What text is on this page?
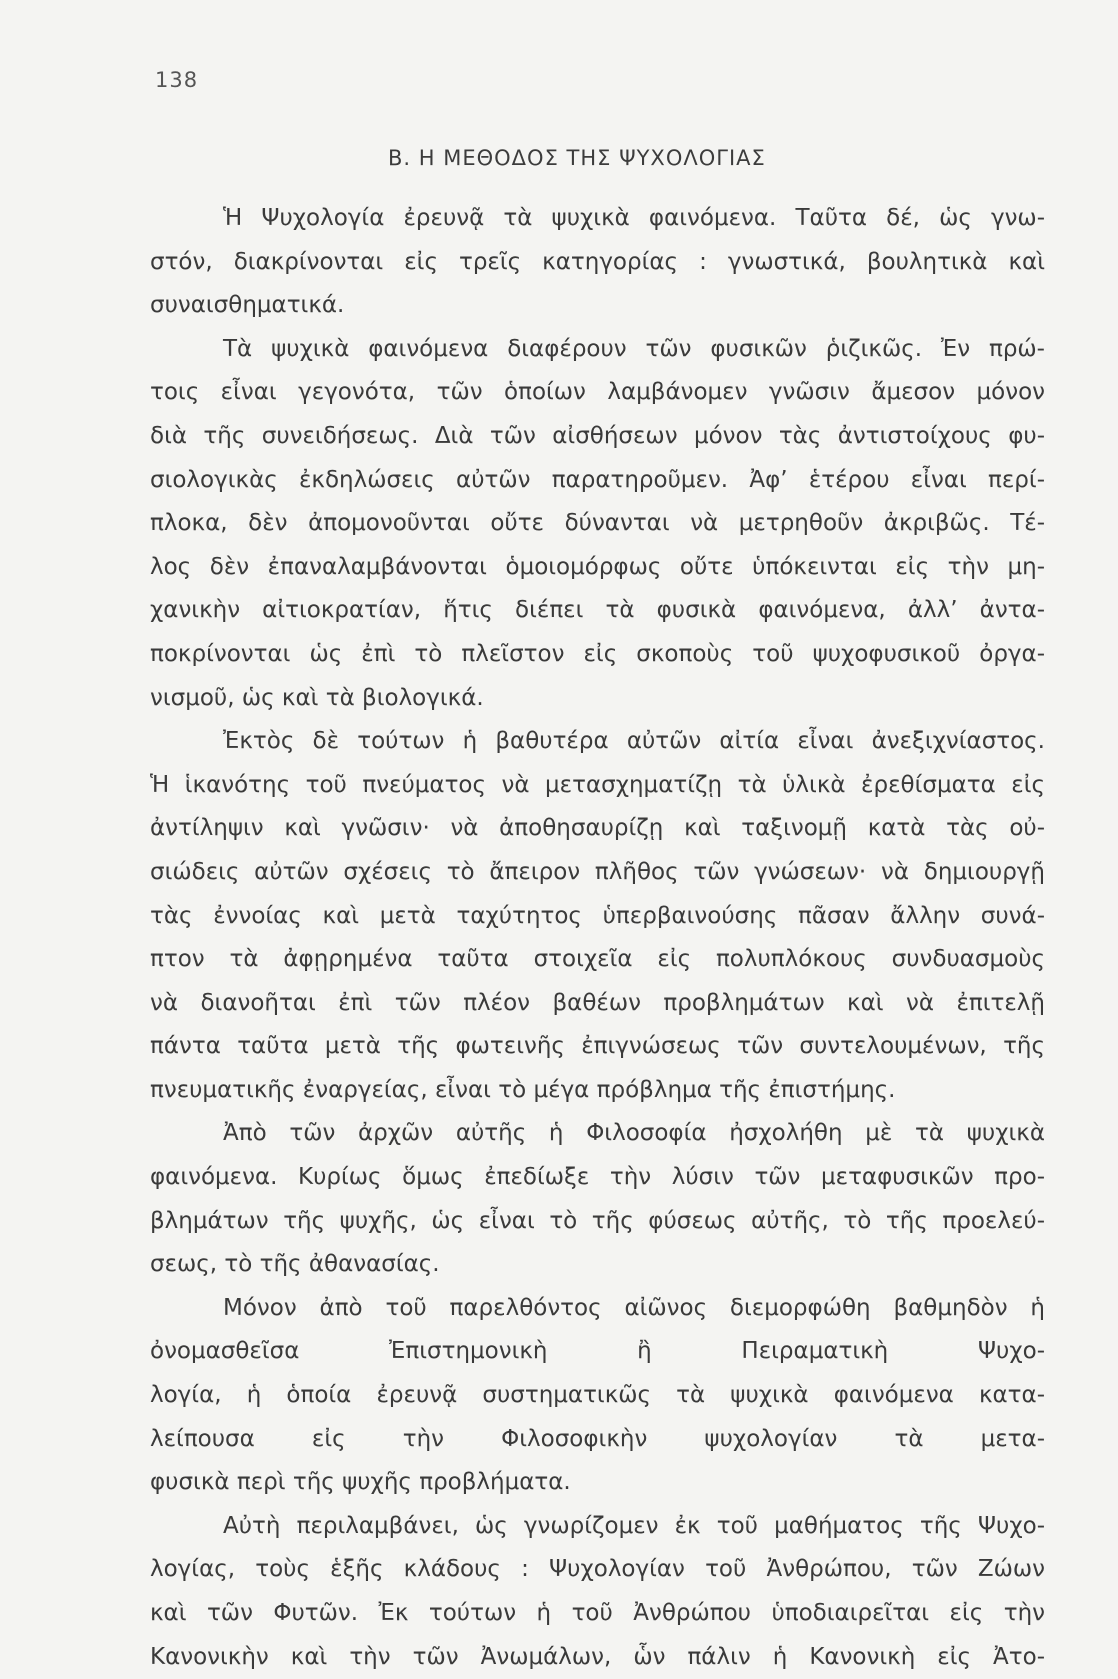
138
Β. Η ΜΕΘΟΔΟΣ ΤΗΣ ΨΥΧΟΛΟΓΙΑΣ
Ἡ Ψυχολογία ἐρευνᾷ τὰ ψυχικὰ φαινόμενα. Ταῦτα δέ, ὡς γνω-
στόν, διακρίνονται εἰς τρεῖς κατηγορίας : γνωστικά, βουλητικὰ καὶ
συναισθηματικά.
Τὰ ψυχικὰ φαινόμενα διαφέρουν τῶν φυσικῶν ῥιζικῶς. Ἐν πρώ-
τοις εἶναι γεγονότα, τῶν ὁποίων λαμβάνομεν γνῶσιν ἄμεσον μόνον
διὰ τῆς συνειδήσεως. Διὰ τῶν αἰσθήσεων μόνον τὰς ἀντιστοίχους φυ-
σιολογικὰς ἐκδηλώσεις αὐτῶν παρατηροῦμεν. Ἀφ’ ἑτέρου εἶναι περί-
πλοκα, δὲν ἀπομονοῦνται οὔτε δύνανται νὰ μετρηθοῦν ἀκριβῶς. Τέ-
λος δὲν ἐπαναλαμβάνονται ὁμοιομόρφως οὔτε ὑπόκεινται εἰς τὴν μη-
χανικὴν αἰτιοκρατίαν, ἥτις διέπει τὰ φυσικὰ φαινόμενα, ἀλλ’ ἀντα-
ποκρίνονται ὡς ἐπὶ τὸ πλεῖστον εἰς σκοποὺς τοῦ ψυχοφυσικοῦ ὀργα-
νισμοῦ, ὡς καὶ τὰ βιολογικά.
Ἐκτὸς δὲ τούτων ἡ βαθυτέρα αὐτῶν αἰτία εἶναι ἀνεξιχνίαστος.
Ἡ ἱκανότης τοῦ πνεύματος νὰ μετασχηματίζῃ τὰ ὑλικὰ ἐρεθίσματα εἰς
ἀντίληψιν καὶ γνῶσιν· νὰ ἀποθησαυρίζῃ καὶ ταξινομῇ κατὰ τὰς οὐ-
σιώδεις αὐτῶν σχέσεις τὸ ἄπειρον πλῆθος τῶν γνώσεων· νὰ δημιουργῇ
τὰς ἐννοίας καὶ μετὰ ταχύτητος ὑπερβαινούσης πᾶσαν ἄλλην συνά-
πτον τὰ ἀφῃρημένα ταῦτα στοιχεῖα εἰς πολυπλόκους συνδυασμοὺς
νὰ διανοῆται ἐπὶ τῶν πλέον βαθέων προβλημάτων καὶ νὰ ἐπιτελῇ
πάντα ταῦτα μετὰ τῆς φωτεινῆς ἐπιγνώσεως τῶν συντελουμένων, τῆς
πνευματικῆς ἐναργείας, εἶναι τὸ μέγα πρόβλημα τῆς ἐπιστήμης.
Ἀπὸ τῶν ἀρχῶν αὐτῆς ἡ Φιλοσοφία ἠσχολήθη μὲ τὰ ψυχικὰ
φαινόμενα. Κυρίως ὅμως ἐπεδίωξε τὴν λύσιν τῶν μεταφυσικῶν προ-
βλημάτων τῆς ψυχῆς, ὡς εἶναι τὸ τῆς φύσεως αὐτῆς, τὸ τῆς προελεύ-
σεως, τὸ τῆς ἀθανασίας.
Μόνον ἀπὸ τοῦ παρελθόντος αἰῶνος διεμορφώθη βαθμηδὸν ἡ
ὀνομασθεῖσα Ἐπιστημονικὴ ἢ Πειραματικὴ Ψυχο-
λογία, ἡ ὁποία ἐρευνᾷ συστηματικῶς τὰ ψυχικὰ φαινόμενα κατα-
λείπουσα εἰς τὴν Φιλοσοφικὴν ψυχολογίαν τὰ μετα-
φυσικὰ περὶ τῆς ψυχῆς προβλήματα.
Αὐτὴ περιλαμβάνει, ὡς γνωρίζομεν ἐκ τοῦ μαθήματος τῆς Ψυχο-
λογίας, τοὺς ἑξῆς κλάδους : Ψυχολογίαν τοῦ Ἀνθρώπου, τῶν Ζώων
καὶ τῶν Φυτῶν. Ἐκ τούτων ἡ τοῦ Ἀνθρώπου ὑποδιαιρεῖται εἰς τὴν
Κανονικὴν καὶ τὴν τῶν Ἀνωμάλων, ὧν πάλιν ἡ Κανονικὴ εἰς Ἀτο-
